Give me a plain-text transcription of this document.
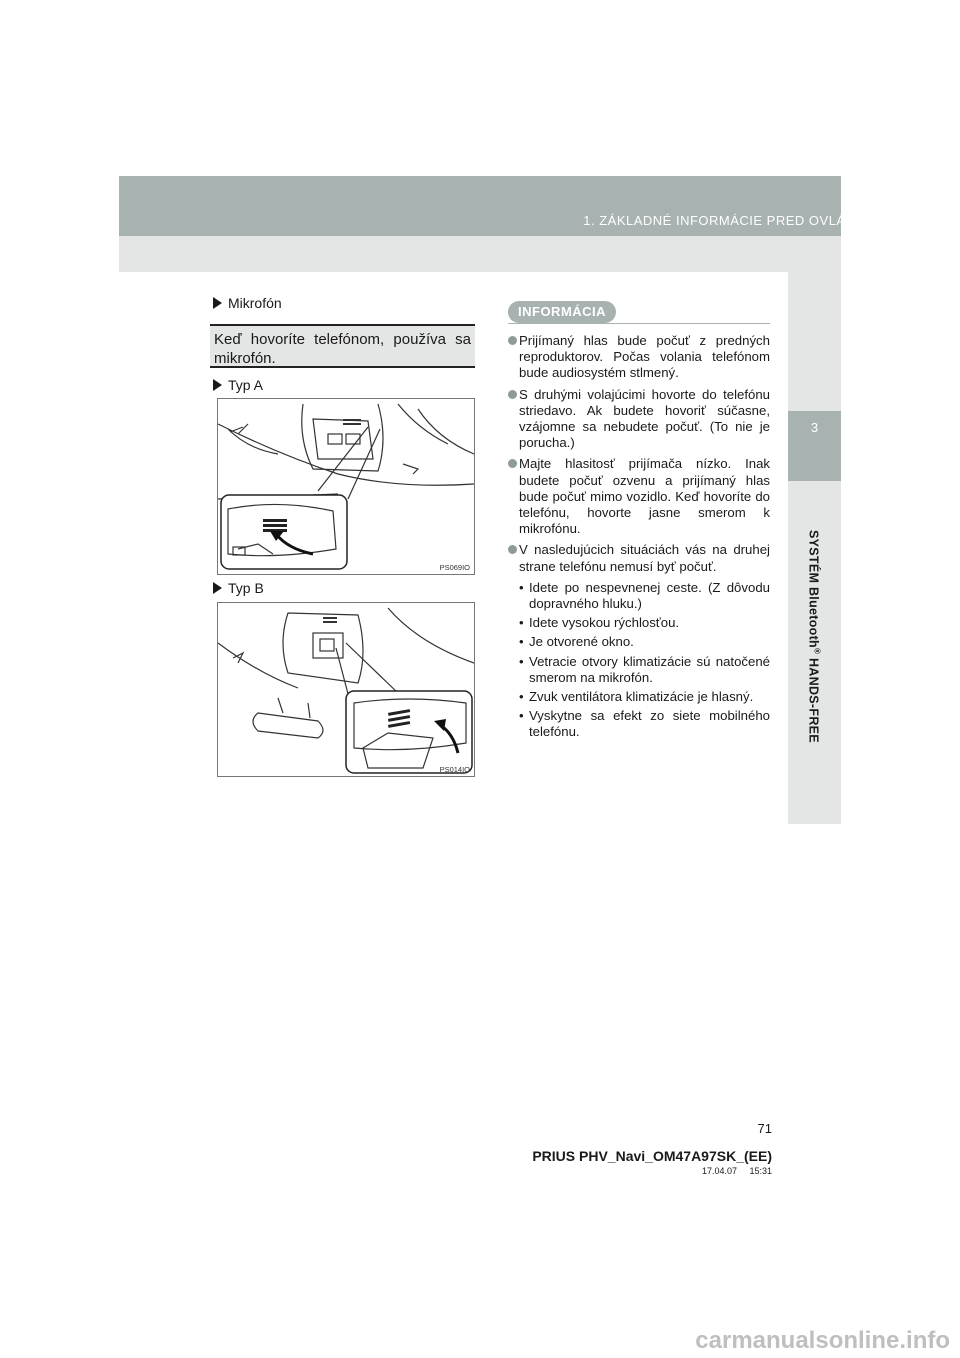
1. ZÁKLADNÉ INFORMÁCIE PRED OVLÁDANÍM
3
SYSTÉM Bluetooth® HANDS-FREE
Mikrofón
Keď hovoríte telefónom, používa sa mikrofón.
Typ A
PS069IO
Typ B
PS014IO
INFORMÁCIA
Prijímaný hlas bude počuť z predných reproduktorov. Počas volania telefónom bude audiosystém stlmený.
S druhými volajúcimi hovorte do telefónu striedavo. Ak budete hovoriť súčasne, vzájomne sa nebudete počuť. (To nie je porucha.)
Majte hlasitosť prijímača nízko. Inak budete počuť ozvenu a prijímaný hlas bude počuť mimo vozidlo. Keď hovoríte do telefónu, hovorte jasne smerom k mikrofónu.
V nasledujúcich situáciách vás na druhej strane telefónu nemusí byť počuť.
• Idete po nespevnenej ceste. (Z dôvodu dopravného hluku.)
• Idete vysokou rýchlosťou.
• Je otvorené okno.
• Vetracie otvory klimatizácie sú natočené smerom na mikrofón.
• Zvuk ventilátora klimatizácie je hlasný.
• Vyskytne sa efekt zo siete mobilného telefónu.
71
PRIUS PHV_Navi_OM47A97SK_(EE)
17.04.07     15:31
carmanualsonline.info
